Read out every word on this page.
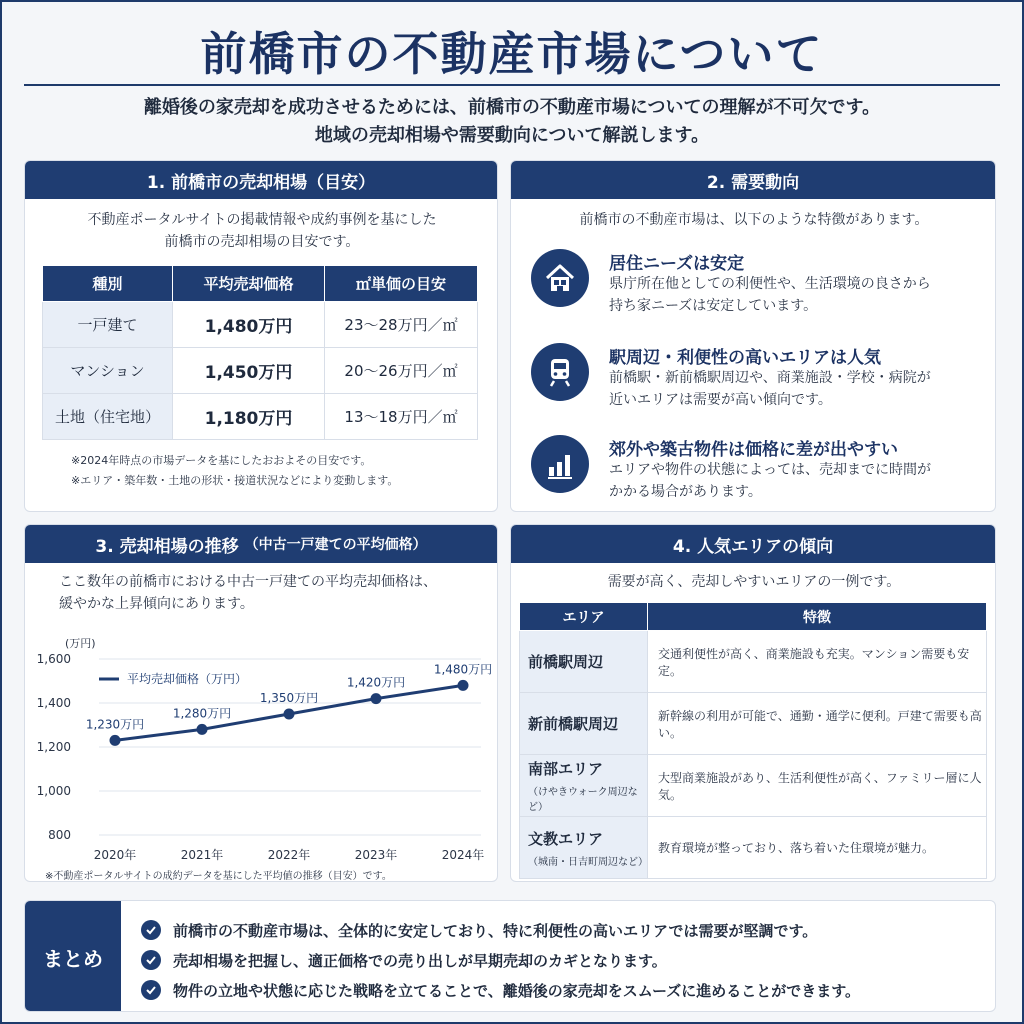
前橋市の不動産市場について
離婚後の家売却を成功させるためには、前橋市の不動産市場についての理解が不可欠です。
地域の売却相場や需要動向について解説します。
1. 前橋市の売却相場（目安）
不動産ポータルサイトの掲載情報や成約事例を基にした
前橋市の売却相場の目安です。
種別	平均売却価格	㎡単価の目安
一戸建て	1,480万円	23〜28万円／㎡
マンション	1,450万円	20〜26万円／㎡
土地（住宅地）	1,180万円	13〜18万円／㎡
※2024年時点の市場データを基にしたおおよその目安です。
※エリア・築年数・土地の形状・接道状況などにより変動します。
2. 需要動向
前橋市の不動産市場は、以下のような特徴があります。
居住ニーズは安定
県庁所在他としての利便性や、生活環境の良さから
持ち家ニーズは安定しています。
駅周辺・利便性の高いエリアは人気
前橋駅・新前橋駅周辺や、商業施設・学校・病院が
近いエリアは需要が高い傾向です。
郊外や築古物件は価格に差が出やすい
エリアや物件の状態によっては、売却までに時間が
かかる場合があります。
3. 売却相場の推移 （中古一戸建ての平均価格）
ここ数年の前橋市における中古一戸建ての平均売却価格は、
緩やかな上昇傾向にあります。
(万円)
800
1,000
1,200
1,400
1,600
2020年	2021年	2022年	2023年	2024年
1,230万円
1,280万円
1,350万円
1,420万円
1,480万円
平均売却価格（万円）
※不動産ポータルサイトの成約データを基にした平均値の推移（目安）です。
4. 人気エリアの傾向
需要が高く、売却しやすいエリアの一例です。
エリア	特徴
前橋駅周辺	交通利便性が高く、商業施設も充実。マンション需要も安定。
新前橋駅周辺	新幹線の利用が可能で、通勤・通学に便利。戸建て需要も高い。
南部エリア
（けやきウォーク周辺など）	大型商業施設があり、生活利便性が高く、ファミリー層に人気。
文教エリア
（城南・日吉町周辺など）	教育環境が整っており、落ち着いた住環境が魅力。
まとめ
前橋市の不動産市場は、全体的に安定しており、特に利便性の高いエリアでは需要が堅調です。
売却相場を把握し、適正価格での売り出しが早期売却のカギとなります。
物件の立地や状態に応じた戦略を立てることで、離婚後の家売却をスムーズに進めることができます。
